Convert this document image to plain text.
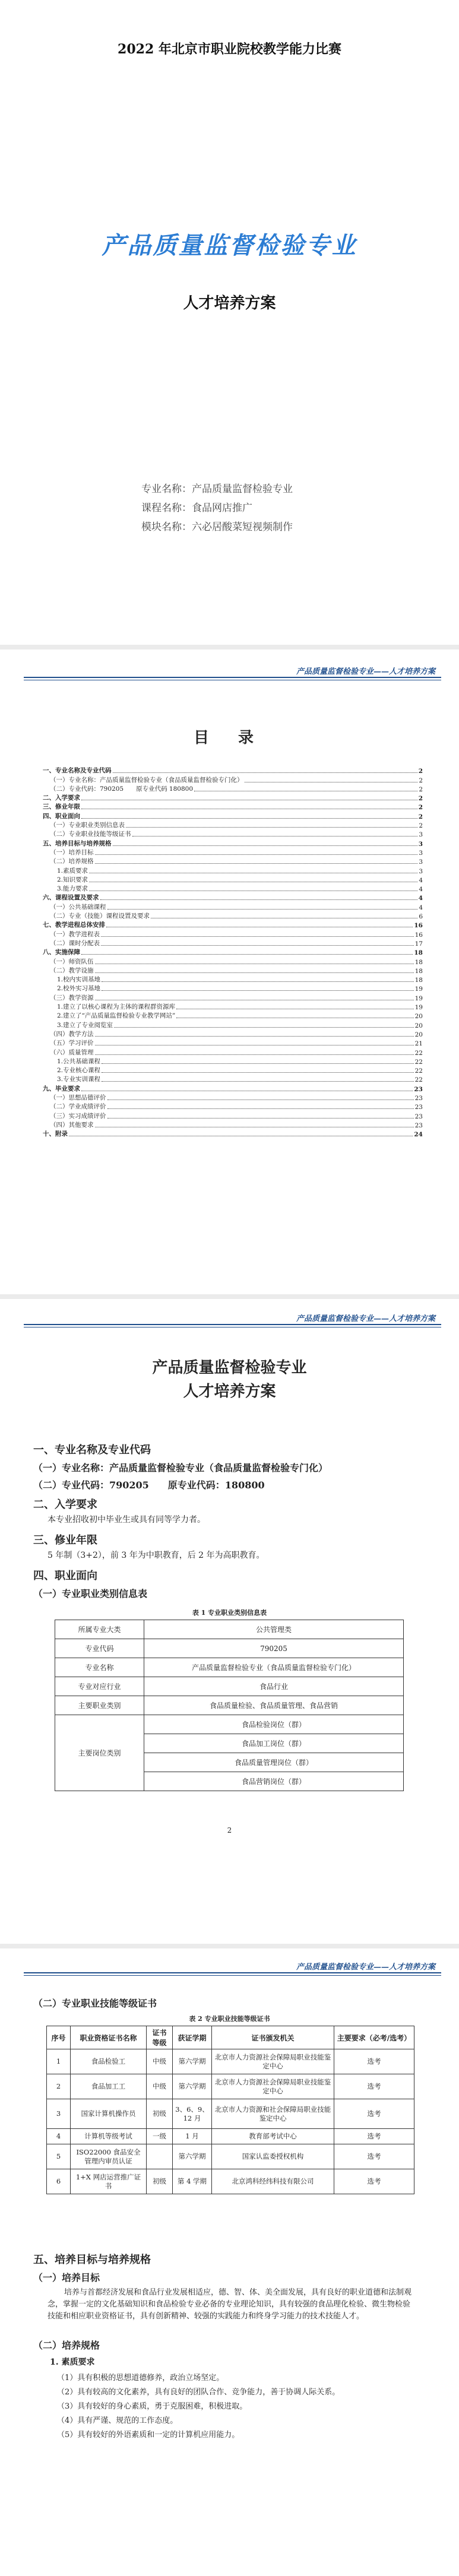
2022 年北京市职业院校教学能力比赛
产品质量监督检验专业
人才培养方案
专业名称：产品质量监督检验专业
课程名称：食品网店推广
模块名称：六必居酸菜短视频制作
产品质量监督检验专业——人才培养方案
目 录
一、专业名称及专业代码	2
（一）专业名称：产品质量监督检验专业（食品质量监督检验专门化）	2
（二）专业代码：790205　　原专业代码 180800	2
二、入学要求	2
三、修业年限	2
四、职业面向	2
（一）专业职业类别信息表	2
（二）专业职业技能等级证书	3
五、培养目标与培养规格	3
（一）培养目标	3
（二）培养规格	3
1.素质要求	3
2.知识要求	4
3.能力要求	4
六、课程设置及要求	4
（一）公共基础课程	4
（二）专业（技能）课程设置及要求	6
七、教学进程总体安排	16
（一）教学进程表	16
（二）课时分配表	17
八、实施保障	18
（一）师资队伍	18
（二）教学设施	18
1.校内实训基地	18
2.校外实习基地	19
（三）教学资源	19
1.建立了以核心课程为主体的课程群资源库	19
2.建立了“产品质量监督检验专业教学网站”	20
3.建立了专业阅览室	20
（四）教学方法	20
（五）学习评价	21
（六）质量管理	22
1.公共基础课程	22
2.专业核心课程	22
3.专业实训课程	22
九、毕业要求	23
（一）思想品德评价	23
（二）学业成绩评价	23
（三）实习成绩评价	23
（四）其他要求	23
十、附录	24
产品质量监督检验专业——人才培养方案
产品质量监督检验专业
人才培养方案
一、专业名称及专业代码
（一）专业名称：产品质量监督检验专业（食品质量监督检验专门化）
（二）专业代码：790205　　原专业代码：180800
二、入学要求
本专业招收初中毕业生或具有同等学力者。
三、修业年限
5 年制（3+2），前 3 年为中职教育，后 2 年为高职教育。
四、职业面向
（一）专业职业类别信息表
表 1 专业职业类别信息表
所属专业大类	公共管理类
专业代码	790205
专业名称	产品质量监督检验专业（食品质量监督检验专门化）
专业对应行业	食品行业
主要职业类别	食品质量检验、食品质量管理、食品营销
主要岗位类别	食品检验岗位（群）
	食品加工岗位（群）
	食品质量管理岗位（群）
	食品营销岗位（群）
2
产品质量监督检验专业——人才培养方案
（二）专业职业技能等级证书
表 2 专业职业技能等级证书
序号	职业资格证书名称	证书等级	获证学期	证书颁发机关	主要要求（必考/选考）
1	食品检验工	中级	第六学期	北京市人力资源社会保障局职业技能鉴定中心	选考
2	食品加工工	中级	第六学期	北京市人力资源社会保障局职业技能鉴定中心	选考
3	国家计算机操作员	初级	3、6、9、12 月	北京市人力资源和社会保障局职业技能鉴定中心	选考
4	计算机等级考试	一级	1 月	教育部考试中心	选考
5	ISO22000 食品安全管理内审员认证		第六学期	国家认监委授权机构	选考
6	1+X 网店运营推广证书	初级	第 4 学期	北京鸿科经纬科技有限公司	选考
五、培养目标与培养规格
（一）培养目标
培养与首都经济发展和食品行业发展相适应，德、智、体、美全面发展，具有良好的职业道德和法制观念，掌握一定的文化基础知识和食品检验专业必备的专业理论知识，具有较强的食品理化检验、微生物检验技能和相应职业资格证书，具有创新精神、较强的实践能力和终身学习能力的技术技能人才。
（二）培养规格
1. 素质要求
（1）具有积极的思想道德修养，政治立场坚定。
（2）具有较高的文化素养，具有良好的团队合作、竞争能力，善于协调人际关系。
（3）具有较好的身心素质，勇于克服困难，积极进取。
（4）具有严谨、规范的工作态度。
（5）具有较好的外语素质和一定的计算机应用能力。
